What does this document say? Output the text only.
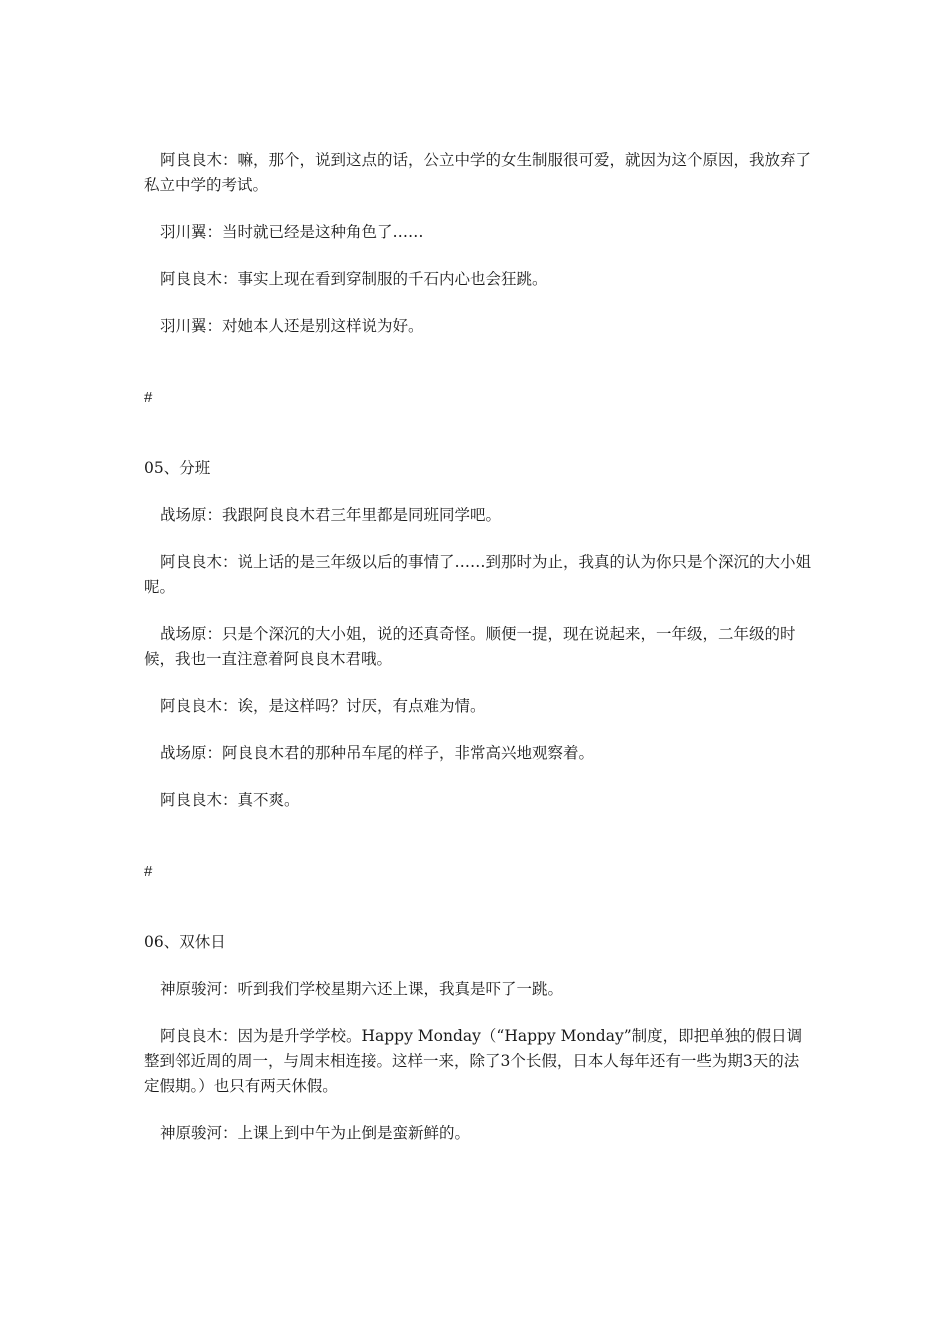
阿良良木：嘛，那个，说到这点的话，公立中学的女生制服很可爱，就因为这个原因，我放弃了私立中学的考试。

羽川翼：当时就已经是这种角色了……

阿良良木：事实上现在看到穿制服的千石内心也会狂跳。

羽川翼：对她本人还是别这样说为好。

#

05、分班

战场原：我跟阿良良木君三年里都是同班同学吧。

阿良良木：说上话的是三年级以后的事情了……到那时为止，我真的认为你只是个深沉的大小姐呢。

战场原：只是个深沉的大小姐，说的还真奇怪。顺便一提，现在说起来，一年级，二年级的时候，我也一直注意着阿良良木君哦。

阿良良木：诶，是这样吗？讨厌，有点难为情。

战场原：阿良良木君的那种吊车尾的样子，非常高兴地观察着。

阿良良木：真不爽。

#

06、双休日

神原骏河：听到我们学校星期六还上课，我真是吓了一跳。

阿良良木：因为是升学学校。Happy Monday（“Happy Monday”制度，即把单独的假日调整到邻近周的周一，与周末相连接。这样一来，除了3个长假，日本人每年还有一些为期3天的法定假期。）也只有两天休假。

神原骏河：上课上到中午为止倒是蛮新鲜的。
